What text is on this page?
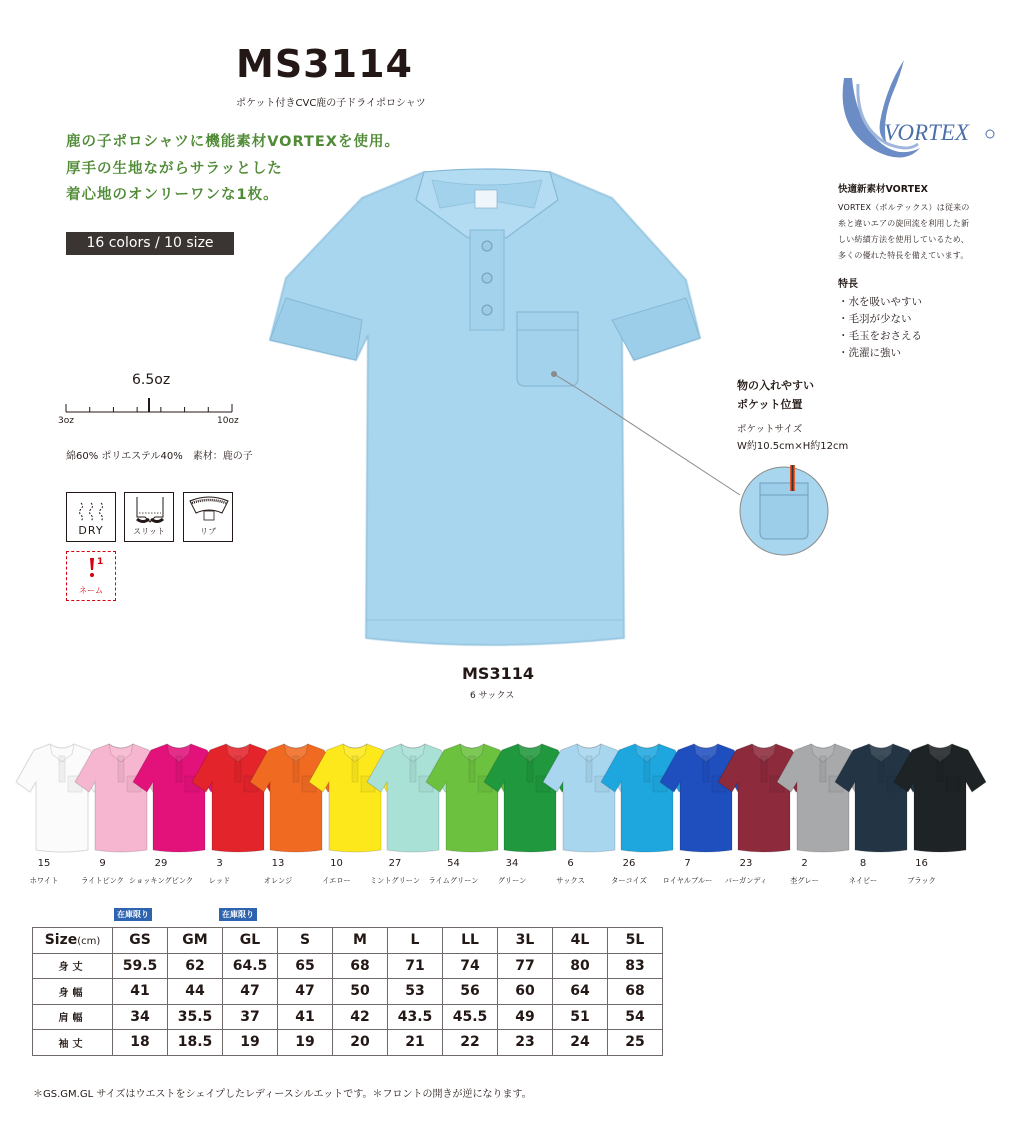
MS3114
ポケット付きCVC鹿の子ドライポロシャツ
鹿の子ポロシャツに機能素材VORTEXを使用。
厚手の生地ながらサラッとした
着心地のオンリーワンな1枚。
16 colors / 10 size
6.5oz
3oz	10oz
綿60% ポリエステル40%　素材：鹿の子
DRY	スリット	リブ
1
ネーム
物の入れやすい
ポケット位置
ポケットサイズ
W約10.5cm×H約12cm
MS3114
6 サックス
VORTEX
快適新素材VORTEX
VORTEX（ボルテックス）は従来の
糸と違いエアの旋回流を利用した新
しい紡績方法を使用しているため、
多くの優れた特長を備えています。
特長
・水を吸いやすい
・毛羽が少ない
・毛玉をおさえる
・洗濯に強い
15
ホワイト
9
ライトピンク
29
ショッキングピンク
3
レッド
13
オレンジ
10
イエロー
27
ミントグリーン
54
ライムグリーン
34
グリーン
6
サックス
26
ターコイズ
7
ロイヤルブルー
23
バーガンディ
2
杢グレー
8
ネイビー
16
ブラック
在庫限り	在庫限り
Size(cm)	GS	GM	GL	S	M	L	LL	3L	4L	5L
身丈	59.5	62	64.5	65	68	71	74	77	80	83
身幅	41	44	47	47	50	53	56	60	64	68
肩幅	34	35.5	37	41	42	43.5	45.5	49	51	54
袖丈	18	18.5	19	19	20	21	22	23	24	25
＊GS.GM.GL サイズはウエストをシェイプしたレディースシルエットです。＊フロントの開きが逆になります。
